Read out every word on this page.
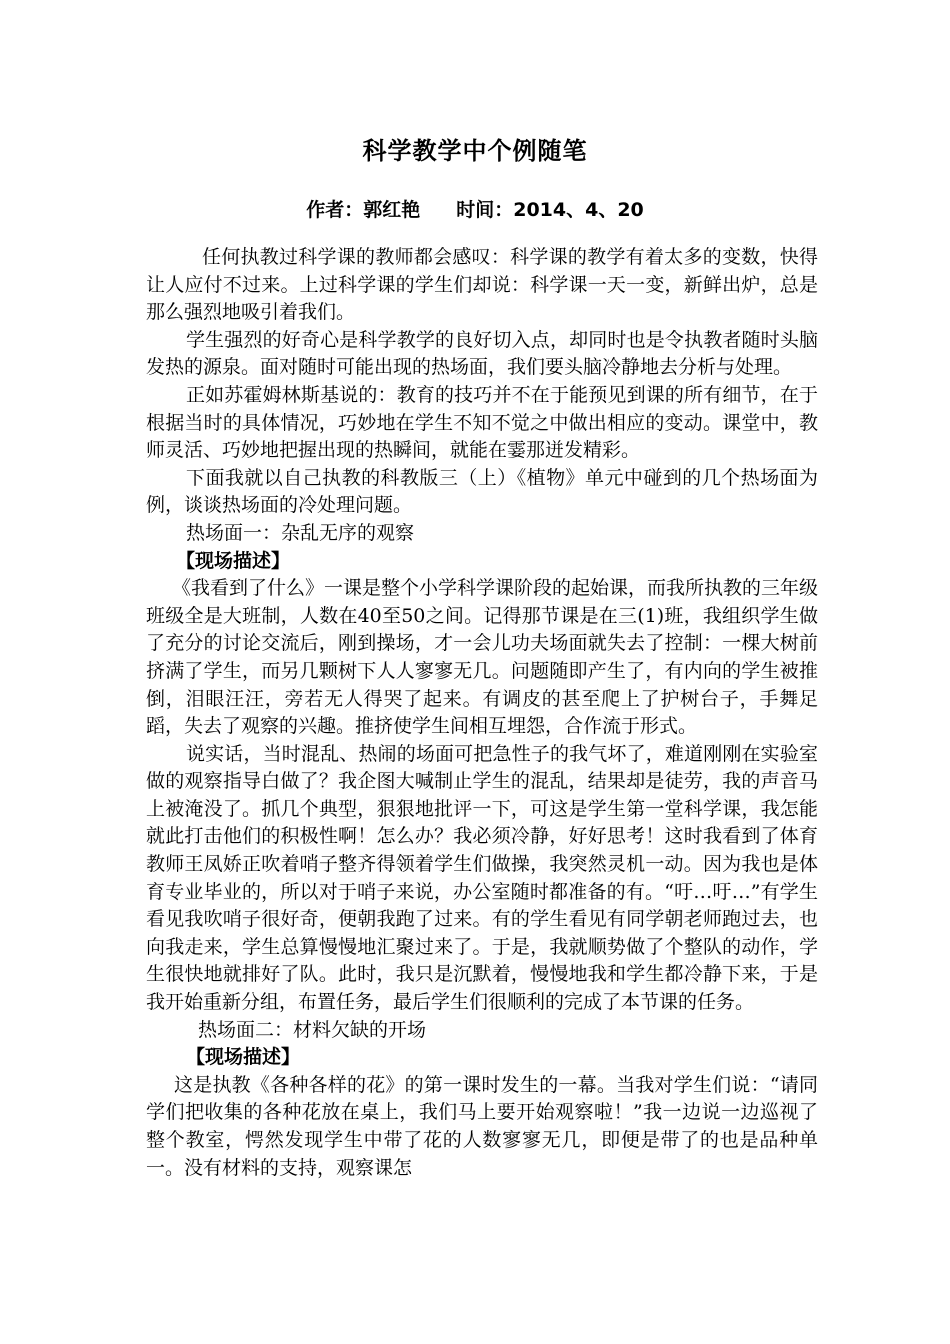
科学教学中个例随笔
作者：郭红艳 时间：2014、4、20

任何执教过科学课的教师都会感叹：科学课的教学有着太多的变数，快得让人应付不过来。上过科学课的学生们却说：科学课一天一变，新鲜出炉，总是那么强烈地吸引着我们。

学生强烈的好奇心是科学教学的良好切入点，却同时也是令执教者随时头脑发热的源泉。面对随时可能出现的热场面，我们要头脑冷静地去分析与处理。

正如苏霍姆林斯基说的：教育的技巧并不在于能预见到课的所有细节，在于根据当时的具体情况，巧妙地在学生不知不觉之中做出相应的变动。课堂中，教师灵活、巧妙地把握出现的热瞬间，就能在霎那迸发精彩。

下面我就以自己执教的科教版三（上）《植物》单元中碰到的几个热场面为例，谈谈热场面的冷处理问题。

热场面一：杂乱无序的观察

【现场描述】

《我看到了什么》一课是整个小学科学课阶段的起始课，而我所执教的三年级班级全是大班制，人数在40至50之间。记得那节课是在三(1)班，我组织学生做了充分的讨论交流后，刚到操场，才一会儿功夫场面就失去了控制：一棵大树前挤满了学生，而另几颗树下人人寥寥无几。问题随即产生了，有内向的学生被推倒，泪眼汪汪，旁若无人得哭了起来。有调皮的甚至爬上了护树台子，手舞足蹈，失去了观察的兴趣。推挤使学生间相互埋怨，合作流于形式。

说实话，当时混乱、热闹的场面可把急性子的我气坏了，难道刚刚在实验室做的观察指导白做了？我企图大喊制止学生的混乱，结果却是徒劳，我的声音马上被淹没了。抓几个典型，狠狠地批评一下，可这是学生第一堂科学课，我怎能就此打击他们的积极性啊！怎么办？我必须冷静，好好思考！这时我看到了体育教师王凤娇正吹着哨子整齐得领着学生们做操，我突然灵机一动。因为我也是体育专业毕业的，所以对于哨子来说，办公室随时都准备的有。“吁…吁…”有学生看见我吹哨子很好奇，便朝我跑了过来。有的学生看见有同学朝老师跑过去，也向我走来，学生总算慢慢地汇聚过来了。于是，我就顺势做了个整队的动作，学生很快地就排好了队。此时，我只是沉默着，慢慢地我和学生都冷静下来，于是我开始重新分组，布置任务，最后学生们很顺利的完成了本节课的任务。

热场面二：材料欠缺的开场

【现场描述】

这是执教《各种各样的花》的第一课时发生的一幕。当我对学生们说：“请同学们把收集的各种花放在桌上，我们马上要开始观察啦！”我一边说一边巡视了整个教室，愕然发现学生中带了花的人数寥寥无几，即便是带了的也是品种单一。没有材料的支持，观察课怎
